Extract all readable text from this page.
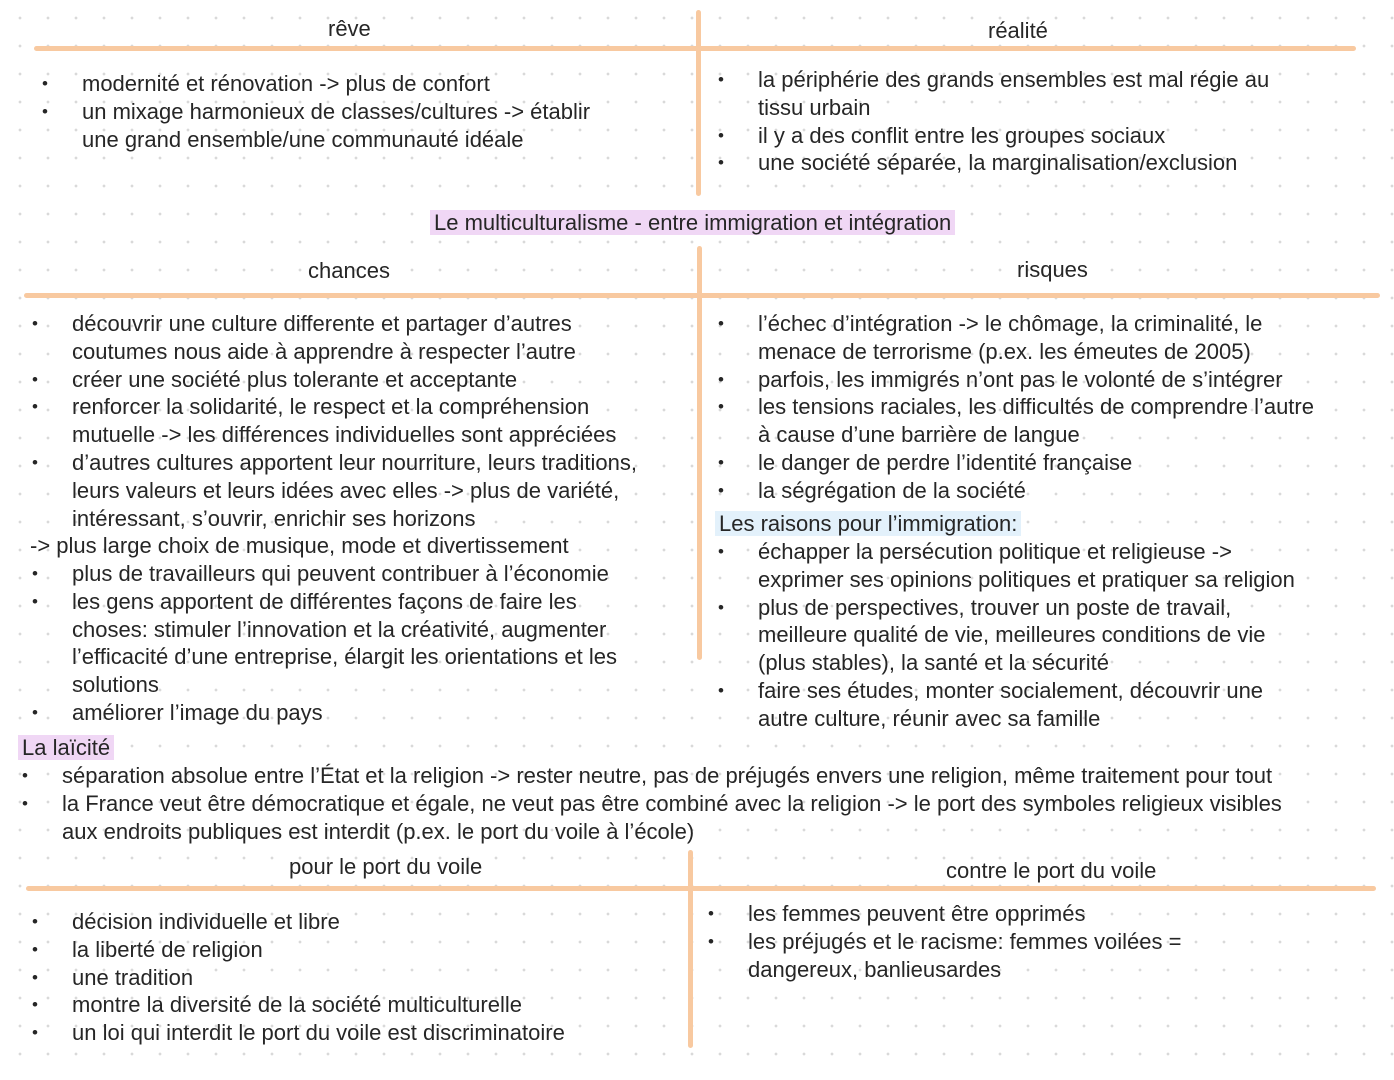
rêve	réalité
• modernité et rénovation -> plus de confort
• un mixage harmonieux de classes/cultures -> établir
une grand ensemble/une communauté idéale
• la périphérie des grands ensembles est mal régie au
tissu urbain
• il y a des conflit entre les groupes sociaux
• une société séparée, la marginalisation/exclusion
Le multiculturalisme - entre immigration et intégration
chances	risques
• découvrir une culture differente et partager d’autres
coutumes nous aide à apprendre à respecter l’autre
• créer une société plus tolerante et acceptante
• renforcer la solidarité, le respect et la compréhension
mutuelle -> les différences individuelles sont appréciées
• d’autres cultures apportent leur nourriture, leurs traditions,
leurs valeurs et leurs idées avec elles -> plus de variété,
intéressant, s’ouvrir, enrichir ses horizons
-> plus large choix de musique, mode et divertissement
• plus de travailleurs qui peuvent contribuer à l’économie
• les gens apportent de différentes façons de faire les
choses: stimuler l’innovation et la créativité, augmenter
l’efficacité d’une entreprise, élargit les orientations et les
solutions
• améliorer l’image du pays
• l’échec d’intégration -> le chômage, la criminalité, le
menace de terrorisme (p.ex. les émeutes de 2005)
• parfois, les immigrés n’ont pas le volonté de s’intégrer
• les tensions raciales, les difficultés de comprendre l’autre
à cause d’une barrière de langue
• le danger de perdre l’identité française
• la ségrégation de la société
Les raisons pour l’immigration:
• échapper la persécution politique et religieuse ->
exprimer ses opinions politiques et pratiquer sa religion
• plus de perspectives, trouver un poste de travail,
meilleure qualité de vie, meilleures conditions de vie
(plus stables), la santé et la sécurité
• faire ses études, monter socialement, découvrir une
autre culture, réunir avec sa famille
La laïcité
• séparation absolue entre l’État et la religion -> rester neutre, pas de préjugés envers une religion, même traitement pour tout
• la France veut être démocratique et égale, ne veut pas être combiné avec la religion -> le port des symboles religieux visibles
aux endroits publiques est interdit (p.ex. le port du voile à l’école)
pour le port du voile	contre le port du voile
• décision individuelle et libre
• la liberté de religion
• une tradition
• montre la diversité de la société multiculturelle
• un loi qui interdit le port du voile est discriminatoire
• les femmes peuvent être opprimés
• les préjugés et le racisme: femmes voilées =
dangereux, banlieusardes
